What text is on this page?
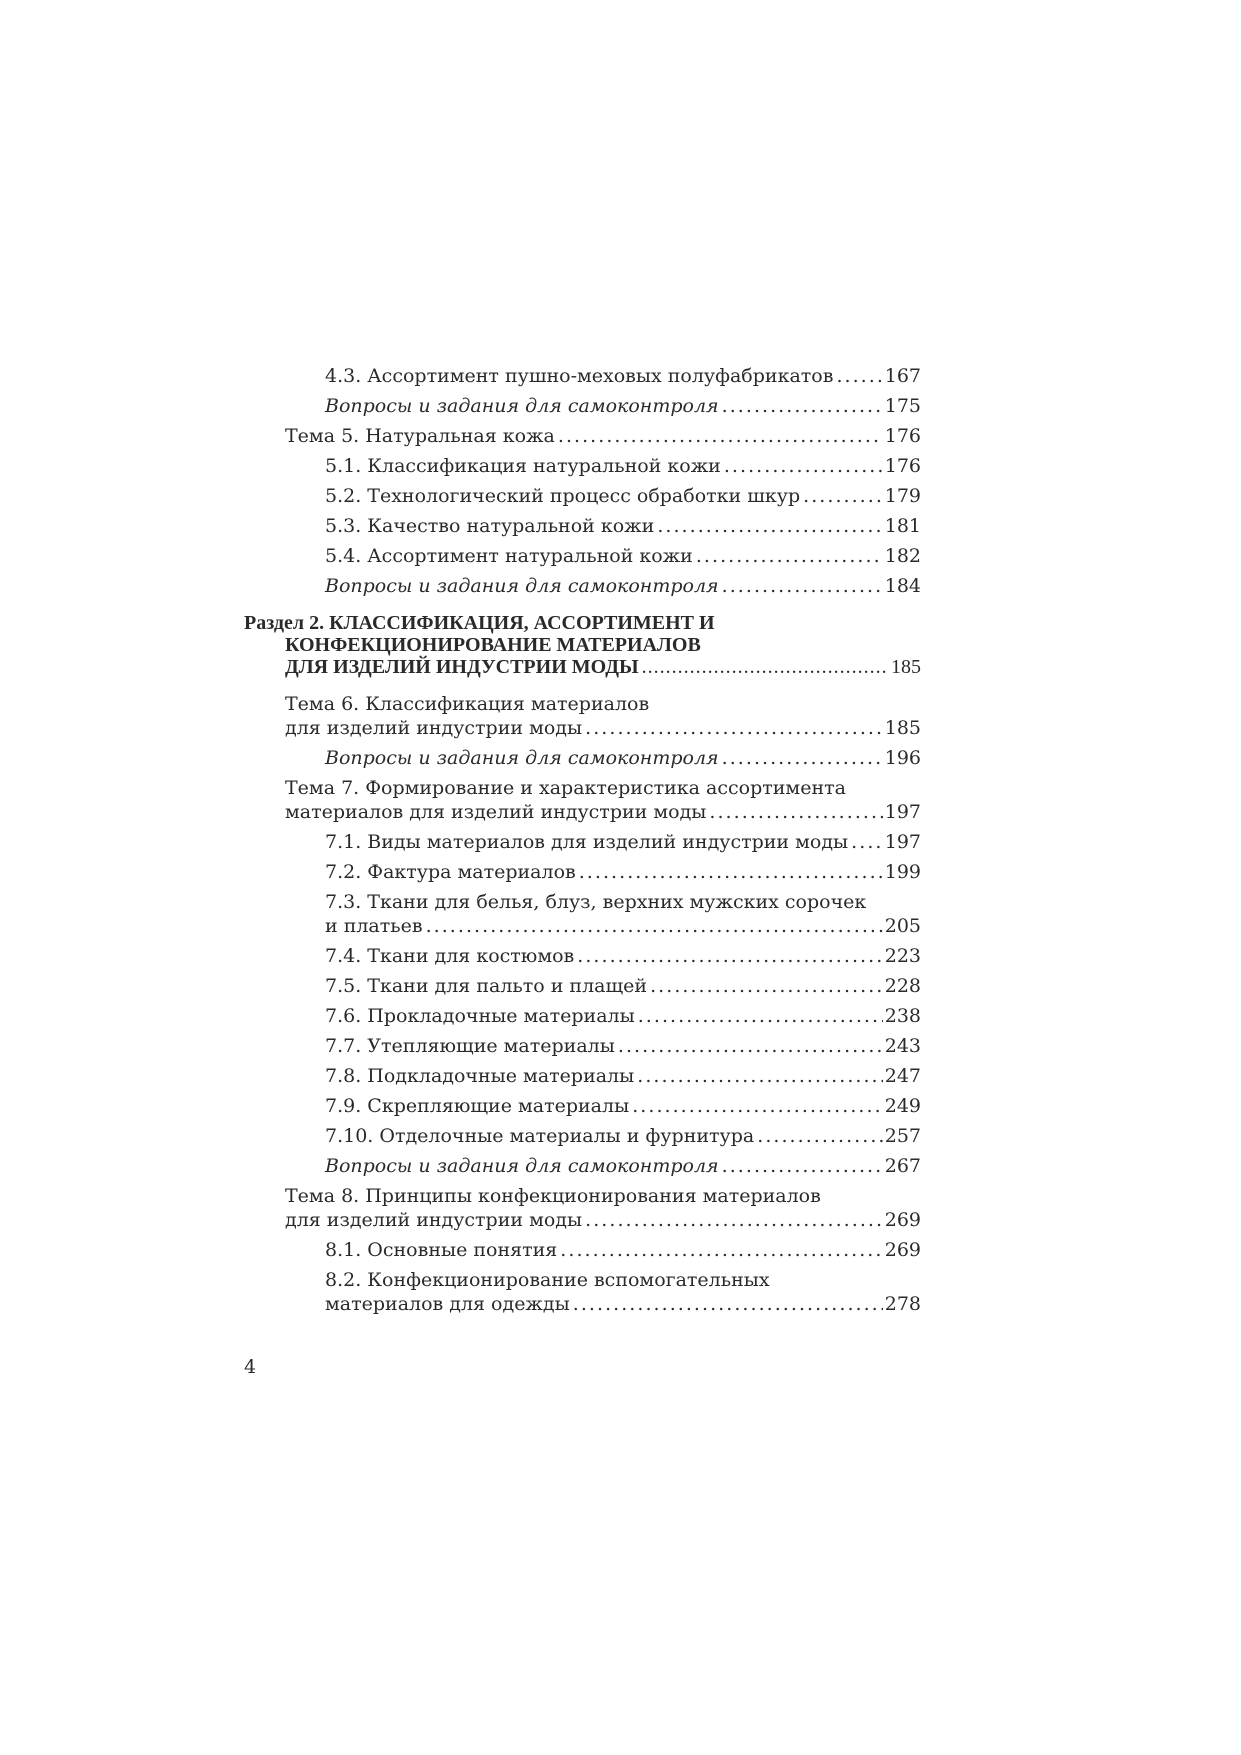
4.3. Ассортимент пушно-меховых полуфабрикатов . . .	167
Вопросы и задания для самоконтроля . . .	175
Тема 5. Натуральная кожа . . .	176
5.1. Классификация натуральной кожи . . .	176
5.2. Технологический процесс обработки шкур . . .	179
5.3. Качество натуральной кожи . . .	181
5.4. Ассортимент натуральной кожи . . .	182
Вопросы и задания для самоконтроля . . .	184
Раздел 2. КЛАССИФИКАЦИЯ, АССОРТИМЕНТ И
КОНФЕКЦИОНИРОВАНИЕ МАТЕРИАЛОВ
ДЛЯ ИЗДЕЛИЙ ИНДУСТРИИ МОДЫ . . .	185
Тема 6. Классификация материалов
для изделий индустрии моды . . .	185
Вопросы и задания для самоконтроля . . .	196
Тема 7. Формирование и характеристика ассортимента
материалов для изделий индустрии моды . . .	197
7.1. Виды материалов для изделий индустрии моды . . . 197
7.2. Фактура материалов . . .	199
7.3. Ткани для белья, блуз, верхних мужских сорочек
и платьев . . .	205
7.4. Ткани для костюмов . . .	223
7.5. Ткани для пальто и плащей . . .	228
7.6. Прокладочные материалы . . .	238
7.7. Утепляющие материалы . . .	243
7.8. Подкладочные материалы . . .	247
7.9. Скрепляющие материалы . . .	249
7.10. Отделочные материалы и фурнитура . . .	257
Вопросы и задания для самоконтроля . . .	267
Тема 8. Принципы конфекционирования материалов
для изделий индустрии моды . . .	269
8.1. Основные понятия . . .	269
8.2. Конфекционирование вспомогательных
материалов для одежды . . .	278
4
